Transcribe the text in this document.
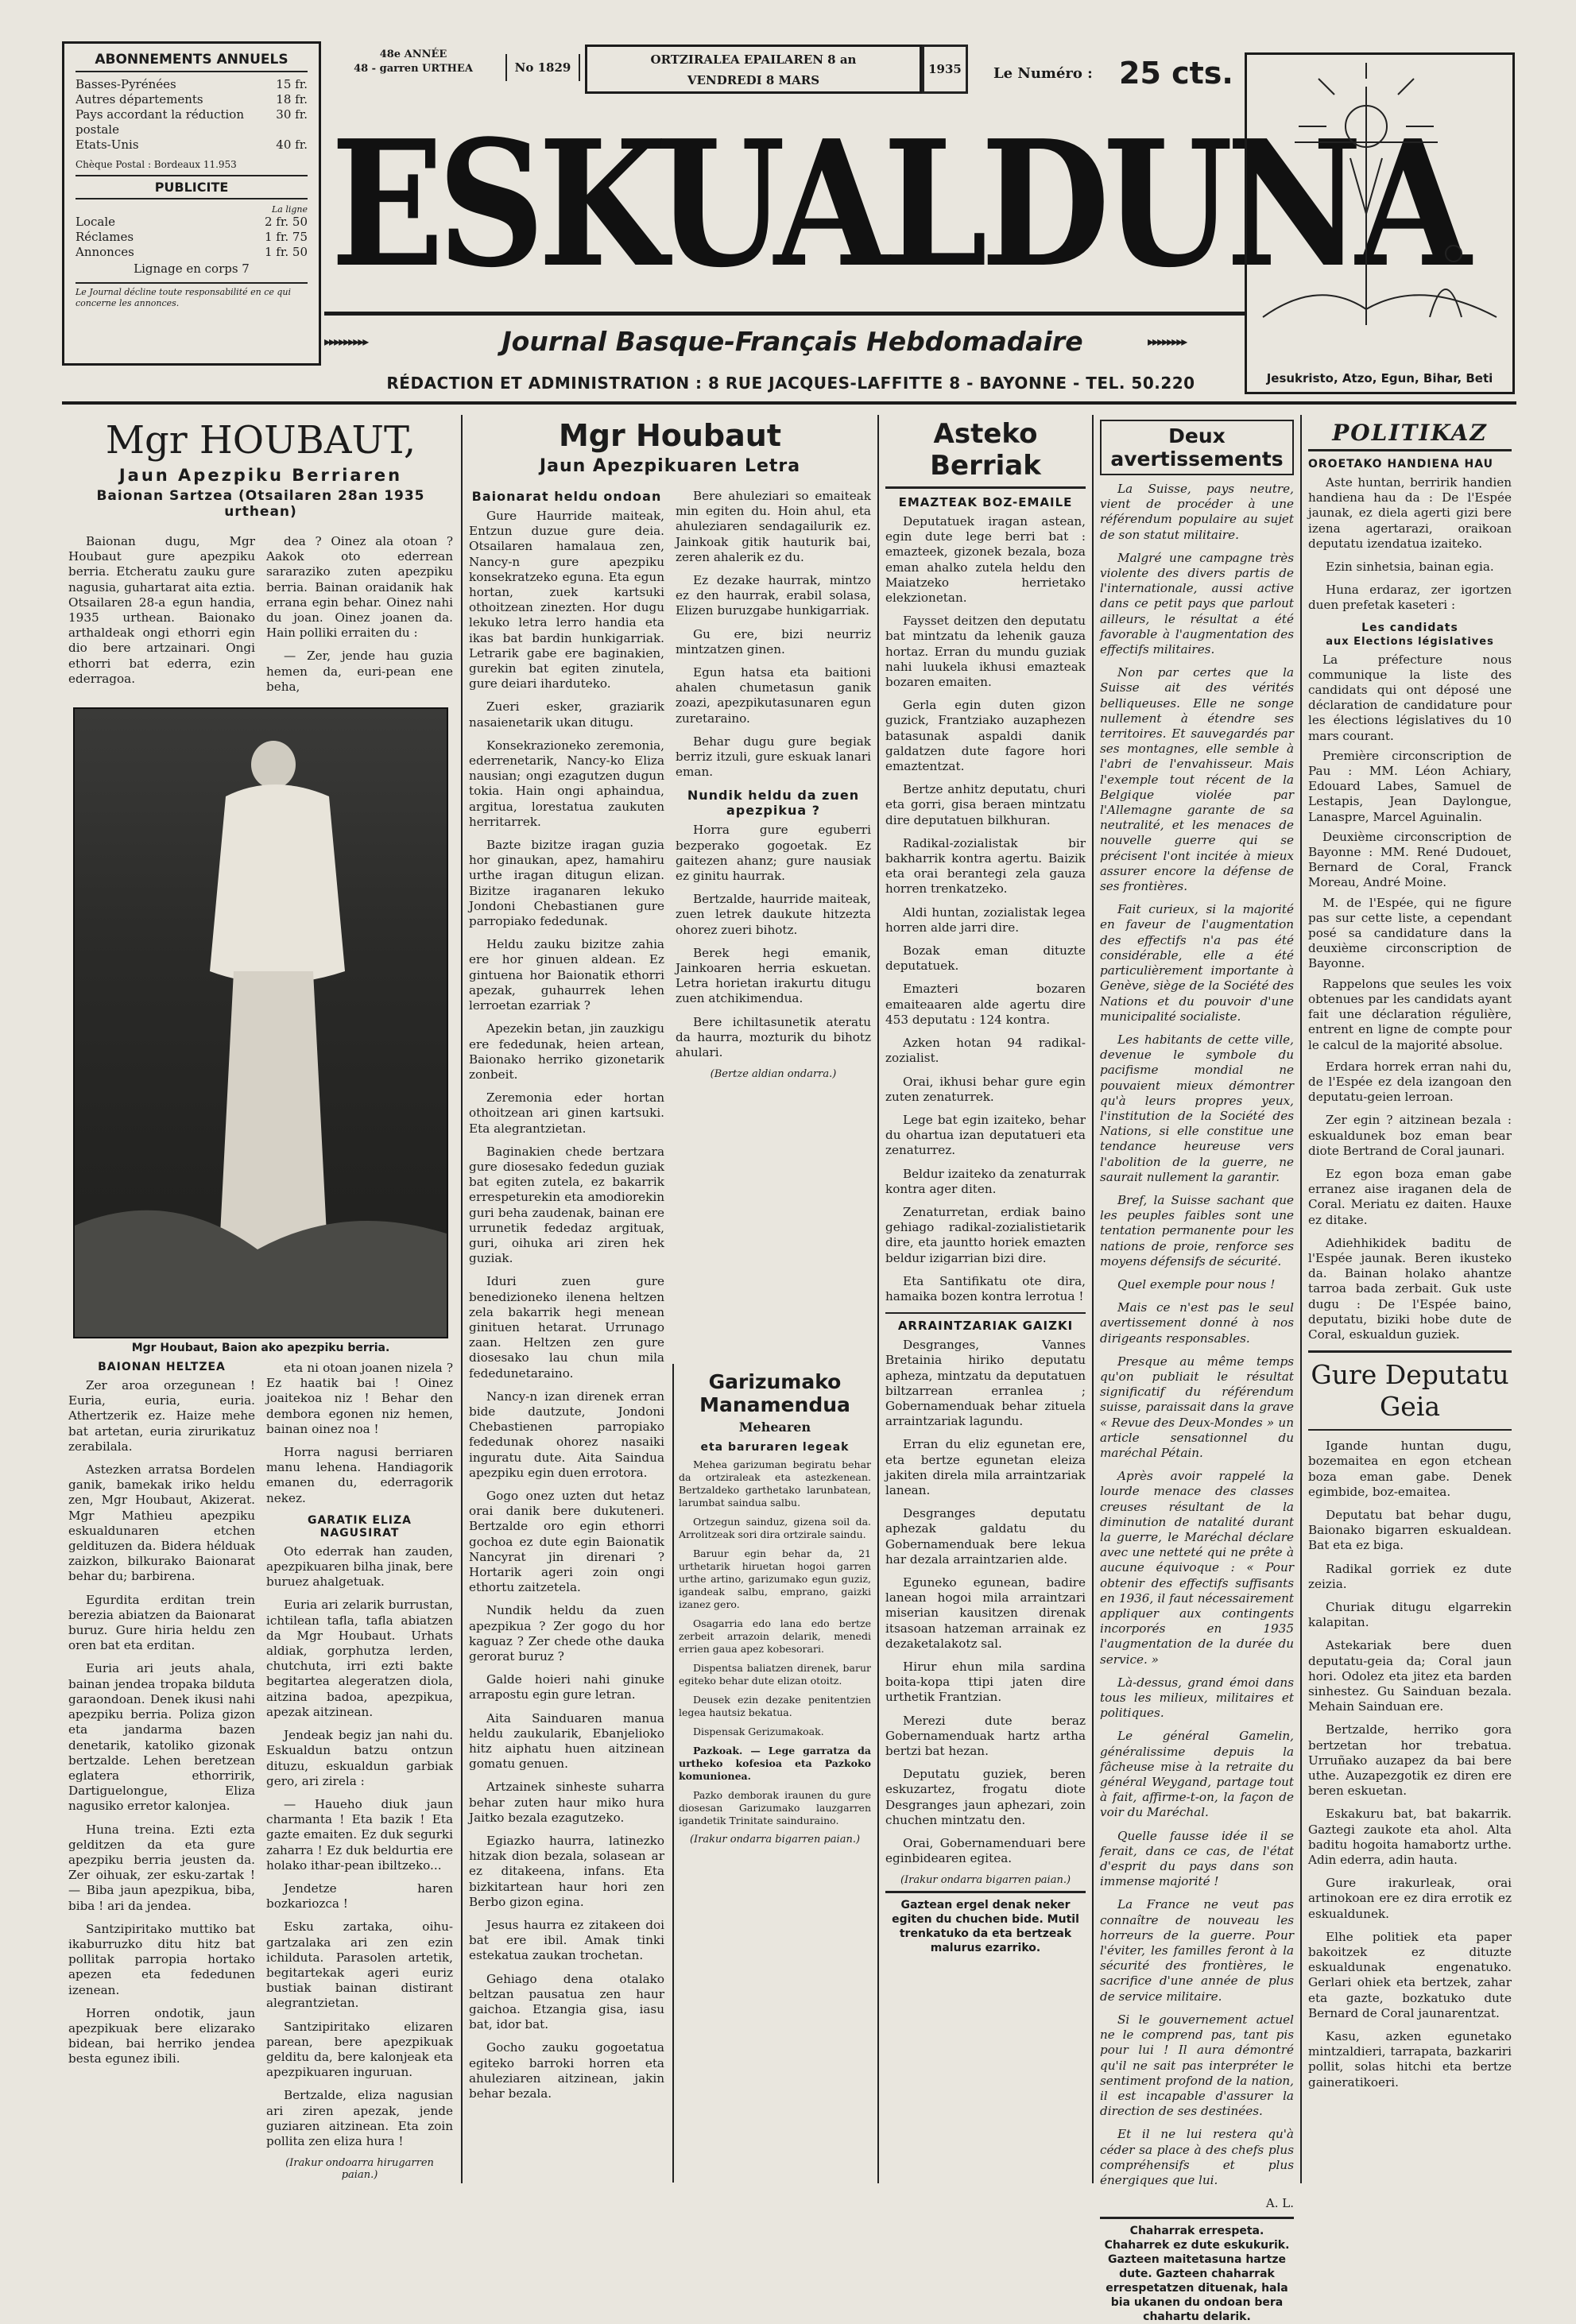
ABONNEMENTS ANNUELS
Basses-Pyrénées	15 fr.
Autres départements	18 fr.
Pays accordant la réduction postale
30 fr.
Etats-Unis	40 fr.
Chèque Postal : Bordeaux 11.953
PUBLICITE
La ligne
Locale	2 fr. 50
Réclames	1 fr. 75
Annonces	1 fr. 50
Lignage en corps 7
Le Journal décline toute responsabilité en ce qui concerne les annonces.
48e ANNÉE
48 - garren URTHEA	No 1829
ORTZIRALEA EPAILAREN 8 an
VENDREDI 8 MARS
1935	Le Numéro : 25 cts.
ESKUALDUNA
▸▸▸▸▸▸▸▸▸	Journal Basque-Français Hebdomadaire	▸▸▸▸▸▸▸▸
RÉDACTION ET ADMINISTRATION : 8 RUE JACQUES-LAFFITTE 8 - BAYONNE - TEL. 50.220	Jesukristo, Atzo, Egun, Bihar, Beti
Mgr HOUBAUT,
Jaun Apezpiku Berriaren
Baionan Sartzea (Otsailaren 28an 1935 urthean)

Baionan dugu, Mgr Houbaut gure apezpiku berria. Etcheratu zauku gure nagusia, guhartarat aita eztia. Otsailaren 28-a egun handia, 1935 urthean. Baionako arthaldeak ongi ethorri egin dio bere artzainari. Ongi ethorri bat ederra, ezin ederragoa.

dea ? Oinez ala otoan ? Aakok oto ederrean sararaziko zuten apezpiku berria. Bainan oraidanik hak errana egin behar. Oinez nahi du joan. Oinez joanen da. Hain polliki erraiten du :

— Zer, jende hau guzia hemen da, euri-pean ene beha,

Mgr Houbaut, Baion ako apezpiku berria.
BAIONAN HELTZEA

Zer aroa orzegunean ! Euria, euria, euria. Athertzerik ez. Haize mehe bat artetan, euria zirurikatuz zerabilala.

Astezken arratsa Bordelen ganik, bamekak iriko heldu zen, Mgr Houbaut, Akizerat. Mgr Mathieu apezpiku eskualdunaren etchen geldituzen da. Bidera hélduak zaizkon, bilkurako Baionarat behar du; barbirena.

Egurdita erditan trein berezia abiatzen da Baionarat buruz. Gure hiria heldu zen oren bat eta erditan.

Euria ari jeuts ahala, bainan jendea tropaka bilduta garaondoan. Denek ikusi nahi apezpiku berria. Poliza gizon eta jandarma bazen denetarik, katoliko gizonak bertzalde. Lehen beretzean eglatera ethorririk, Dartiguelongue, Eliza nagusiko erretor kalonjea.

Huna treina. Ezti ezta gelditzen da eta gure apezpiku berria jeusten da. Zer oihuak, zer esku-zartak ! — Biba jaun apezpikua, biba, biba ! ari da jendea.

Santzipiritako muttiko bat ikaburruzko ditu hitz bat pollitak parropia hortako apezen eta fededunen izenean.

Horren ondotik, jaun apezpikuak bere elizarako bidean, bai herriko jendea besta egunez ibili.

eta ni otoan joanen nizela ? Ez haatik bai ! Oinez joaitekoa niz ! Behar den dembora egonen niz hemen, bainan oinez noa !

Horra nagusi berriaren manu lehena. Handiagorik emanen du, ederragorik nekez.

GARATIK ELIZA NAGUSIRAT

Oto ederrak han zauden, apezpikuaren bilha jinak, bere buruez ahalgetuak.

Euria ari zelarik burrustan, ichtilean tafla, tafla abiatzen da Mgr Houbaut. Urhats aldiak, gorphutza lerden, chutchuta, irri ezti bakte begitartea alegeratzen diola, aitzina badoa, apezpikua, apezak aitzinean.

Jendeak begiz jan nahi du. Eskualdun batzu ontzun dituzu, eskualdun garbiak gero, ari zirela :

— Haueho diuk jaun charmanta ! Eta bazik ! Eta gazte emaiten. Ez duk segurki zaharra ! Ez duk beldurtia ere holako ithar-pean ibiltzeko...

Jendetze haren bozkariozca !

Esku zartaka, oihu-gartzalaka ari zen ezin ichilduta. Parasolen artetik, begitartekak ageri euriz bustiak bainan distirant alegrantzietan.

Santzipiritako elizaren parean, bere apezpikuak gelditu da, bere kalonjeak eta apezpikuaren inguruan.

Bertzalde, eliza nagusian ari ziren apezak, jende guziaren aitzinean. Eta zoin pollita zen eliza hura !

(Irakur ondoarra hirugarren paian.)
Mgr Houbaut
Jaun Apezpikuaren Letra
Baionarat heldu ondoan

Gure Haurride maiteak, Entzun duzue gure deia. Otsailaren hamalaua zen, Nancy-n gure apezpiku konsekratzeko eguna. Eta egun hortan, zuek kartsuki othoitzean zinezten. Hor dugu lekuko letra lerro handia eta ikas bat bardin hunkigarriak. Letrarik gabe ere baginakien, gurekin bat egiten zinutela, gure deiari iharduteko.

Zueri esker, graziarik nasaienetarik ukan ditugu.

Konsekrazioneko zeremonia, ederrenetarik, Nancy-ko Eliza nausian; ongi ezagutzen dugun tokia. Hain ongi aphaindua, argitua, lorestatua zaukuten herritarrek.

Bazte bizitze iragan guzia hor ginaukan, apez, hamahiru urthe iragan ditugun elizan. Bizitze iraganaren lekuko Jondoni Chebastianen gure parropiako fededunak.

Heldu zauku bizitze zahia ere hor ginuen aldean. Ez gintuena hor Baionatik ethorri apezak, guhaurrek lehen lerroetan ezarriak ?

Apezekin betan, jin zauzkigu ere fededunak, heien artean, Baionako herriko gizonetarik zonbeit.

Zeremonia eder hortan othoitzean ari ginen kartsuki. Eta alegrantzietan.

Baginakien chede bertzara gure diosesako fededun guziak bat egiten zutela, ez bakarrik errespeturekin eta amodiorekin guri beha zaudenak, bainan ere urrunetik fededaz argituak, guri, oihuka ari ziren hek guziak.

Iduri zuen gure benedizioneko ilenena heltzen zela bakarrik hegi menean ginituen hetarat. Urrunago zaan. Heltzen zen gure diosesako lau chun mila fededunetaraino.

Nancy-n izan direnek erran bide dautzute, Jondoni Chebastienen parropiako fededunak ohorez nasaiki inguratu dute. Aita Saindua apezpiku egin duen errotora.

Gogo onez uzten dut hetaz orai danik bere dukuteneri. Bertzalde oro egin ethorri gochoa ez dute egin Baionatik Nancyrat jin direnari ? Hortarik ageri zoin ongi ethortu zaitzetela.

Nundik heldu da zuen apezpikua ? Zer gogo du hor kaguaz ? Zer chede othe dauka gerorat buruz ?

Galde hoieri nahi ginuke arrapostu egin gure letran.

Aita Sainduaren manua heldu zaukularik, Ebanjelioko hitz aiphatu huen aitzinean gomatu genuen.

Artzainek sinheste suharra behar zuten haur miko hura Jaitko bezala ezagutzeko.

Egiazko haurra, latinezko hitzak dion bezala, solasean ar ez ditakeena, infans. Eta bizkitartean haur hori zen Berbo gizon egina.

Jesus haurra ez zitakeen doi bat ere ibil. Amak tinki estekatua zaukan trochetan.

Gehiago dena otalako beltzan pausatua zen haur gaichoa. Etzangia gisa, iasu bat, idor bat.

Gocho zauku gogoetatua egiteko barroki horren eta ahuleziaren aitzinean, jakin behar bezala.

Bere ahuleziari so emaiteak min egiten du. Hoin ahul, eta ahuleziaren sendagailurik ez. Jainkoak gitik hauturik bai, zeren ahalerik ez du.

Ez dezake haurrak, mintzo ez den haurrak, erabil solasa, Elizen buruzgabe hunkigarriak.

Gu ere, bizi neurriz mintzatzen ginen.

Egun hatsa eta baitioni ahalen chumetasun ganik zoazi, apezpikutasunaren egun zuretaraino.

Behar dugu gure begiak berriz itzuli, gure eskuak lanari eman.

Nundik heldu da zuen apezpikua ?

Horra gure eguberri bezperako gogoetak. Ez gaitezen ahanz; gure nausiak ez ginitu haurrak.

Bertzalde, haurride maiteak, zuen letrek daukute hitzezta ohorez zueri bihotz.

Berek hegi emanik, Jainkoaren herria eskuetan. Letra horietan irakurtu ditugu zuen atchikimendua.

Bere ichiltasunetik ateratu da haurra, mozturik du bihotz ahulari.

(Bertze aldian ondarra.)
Asteko Berriak
EMAZTEAK BOZ-EMAILE

Deputatuek iragan astean, egin dute lege berri bat : emazteek, gizonek bezala, boza eman ahalko zutela heldu den Maiatzeko herrietako elekzionetan.

Faysset deitzen den deputatu bat mintzatu da lehenik gauza hortaz. Erran du mundu guziak nahi luukela ikhusi emazteak bozaren emaiten.

Gerla egin duten gizon guzick, Frantziako auzaphezen batasunak aspaldi danik galdatzen dute fagore hori emaztentzat.

Bertze anhitz deputatu, churi eta gorri, gisa beraen mintzatu dire deputatuen bilkhuran.

Radikal-zozialistak bir bakharrik kontra agertu. Baizik eta orai berantegi zela gauza horren trenkatzeko.

Aldi huntan, zozialistak legea horren alde jarri dire.

Bozak eman dituzte deputatuek.

Emazteri bozaren emaiteaaren alde agertu dire 453 deputatu : 124 kontra.

Azken hotan 94 radikal-zozialist.

Orai, ikhusi behar gure egin zuten zenaturrek.

Lege bat egin izaiteko, behar du ohartua izan deputatueri eta zenaturrez.

Beldur izaiteko da zenaturrak kontra ager diten.

Zenaturretan, erdiak baino gehiago radikal-zozialistietarik dire, eta jauntto horiek emazten beldur izigarrian bizi dire.

Eta Santifikatu ote dira, hamaika bozen kontra lerrotua !

ARRAINTZARIAK GAIZKI

Desgranges, Vannes Bretainia hiriko deputatu apheza, mintzatu da deputatuen biltzarrean erranlea ; Gobernamenduak behar zituela arraintzariak lagundu.

Erran du eliz egunetan ere, eta bertze egunetan eleiza jakiten direla mila arraintzariak lanean.

Desgranges deputatu aphezak galdatu du Gobernamenduak bere lekua har dezala arraintzarien alde.

Eguneko egunean, badire lanean hogoi mila arraintzari miserian kausitzen direnak itsasoan hatzeman arrainak ez dezaketalakotz sal.

Hirur ehun mila sardina boita-kopa ttipi jaten dire urthetik Frantzian.

Merezi dute beraz Gobernamenduak hartz artha bertzi bat hezan.

Deputatu guziek, beren eskuzartez, frogatu diote Desgranges jaun aphezari, zoin chuchen mintzatu den.

Orai, Gobernamenduari bere eginbidearen egitea.

(Irakur ondarra bigarren paian.)
Gaztean ergel denak neker egiten du chuchen bide. Mutil trenkatuko da eta bertzeak malurus ezarriko.
Garizumako Manamendua
Mehearen
eta baruraren legeak

Mehea garizuman begiratu behar da ortziraleak eta astezkenean. Bertzaldeko garthetako larunbatean, larumbat saindua salbu.

Ortzegun sainduz, gizena soil da. Arrolitzeak sori dira ortzirale saindu.

Baruur egin behar da, 21 urthetarik hiruetan hogoi garren urthe artino, garizumako egun guziz, igandeak salbu, emprano, gaizki izanez gero.

Osagarria edo lana edo bertze zerbeit arrazoin delarik, menedi errien gaua apez kobesorari.

Dispentsa baliatzen direnek, barur egiteko behar dute elizan otoitz.

Deusek ezin dezake penitentzien legea hautsiz bekatua.

Dispensak Gerizumakoak.

Pazkoak. — Lege garratza da urtheko kofesioa eta Pazkoko komunionea.

Pazko demborak iraunen du gure diosesan Garizumako lauzgarren igandetik Trinitate sainduraino.

(Irakur ondarra bigarren paian.)
Deux avertissements

La Suisse, pays neutre, vient de procéder à une référendum populaire au sujet de son statut militaire.

Malgré une campagne très violente des divers partis de l'internationale, aussi active dans ce petit pays que parlout ailleurs, le résultat a été favorable à l'augmentation des effectifs militaires.

Non par certes que la Suisse ait des vérités belliqueuses. Elle ne songe nullement à étendre ses territoires. Et sauvegardés par ses montagnes, elle semble à l'abri de l'envahisseur. Mais l'exemple tout récent de la Belgique violée par l'Allemagne garante de sa neutralité, et les menaces de nouvelle guerre qui se précisent l'ont incitée à mieux assurer encore la défense de ses frontières.

Fait curieux, si la majorité en faveur de l'augmentation des effectifs n'a pas été considérable, elle a été particulièrement importante à Genève, siège de la Société des Nations et du pouvoir d'une municipalité socialiste.

Les habitants de cette ville, devenue le symbole du pacifisme mondial ne pouvaient mieux démontrer qu'à leurs propres yeux, l'institution de la Société des Nations, si elle constitue une tendance heureuse vers l'abolition de la guerre, ne saurait nullement la garantir.

Bref, la Suisse sachant que les peuples faibles sont une tentation permanente pour les nations de proie, renforce ses moyens défensifs de sécurité.

Quel exemple pour nous !

Mais ce n'est pas le seul avertissement donné à nos dirigeants responsables.

Presque au même temps qu'on publiait le résultat significatif du référendum suisse, paraissait dans la grave « Revue des Deux-Mondes » un article sensationnel du maréchal Pétain.

Après avoir rappelé la lourde menace des classes creuses résultant de la diminution de natalité durant la guerre, le Maréchal déclare avec une netteté qui ne prête à aucune équivoque : « Pour obtenir des effectifs suffisants en 1936, il faut nécessairement appliquer aux contingents incorporés en 1935 l'augmentation de la durée du service. »

Là-dessus, grand émoi dans tous les milieux, militaires et politiques.

Le général Gamelin, généralissime depuis la fâcheuse mise à la retraite du général Weygand, partage tout à fait, affirme-t-on, la façon de voir du Maréchal.

Quelle fausse idée il se ferait, dans ce cas, de l'état d'esprit du pays dans son immense majorité !

La France ne veut pas connaître de nouveau les horreurs de la guerre. Pour l'éviter, les familles feront à la sécurité des frontières, le sacrifice d'une année de plus de service militaire.

Si le gouvernement actuel ne le comprend pas, tant pis pour lui ! Il aura démontré qu'il ne sait pas interpréter le sentiment profond de la nation, il est incapable d'assurer la direction de ses destinées.

Et il ne lui restera qu'à céder sa place à des chefs plus compréhensifs et plus énergiques que lui.

A. L.
Chaharrak errespeta. Chaharrek ez dute eskukurik. Gazteen maitetasuna hartze dute. Gazteen chaharrak errespetatzen dituenak, hala bia ukanen du ondoan bera chahartu delarik.
POLITIKAZ
OROETAKO HANDIENA HAU

Aste huntan, berririk handien handiena hau da : De l'Espée jaunak, ez diela agerti gizi bere izena agertarazi, oraikoan deputatu izendatua izaiteko.

Ezin sinhetsia, bainan egia.

Huna erdaraz, zer igortzen duen prefetak kaseteri :

Les candidats
aux Elections législatives

La préfecture nous communique la liste des candidats qui ont déposé une déclaration de candidature pour les élections législatives du 10 mars courant.

Première circonscription de Pau : MM. Léon Achiary, Edouard Labes, Samuel de Lestapis, Jean Daylongue, Lanaspre, Marcel Aguinalin.

Deuxième circonscription de Bayonne : MM. René Dudouet, Bernard de Coral, Franck Moreau, André Moine.

M. de l'Espée, qui ne figure pas sur cette liste, a cependant posé sa candidature dans la deuxième circonscription de Bayonne.

Rappelons que seules les voix obtenues par les candidats ayant fait une déclaration régulière, entrent en ligne de compte pour le calcul de la majorité absolue.

Erdara horrek erran nahi du, de l'Espée ez dela izangoan den deputatu-geien lerroan.

Zer egin ? aitzinean bezala : eskualdunek boz eman bear diote Bertrand de Coral jaunari.

Ez egon boza eman gabe erranez aise iraganen dela de Coral. Meriatu ez daiten. Hauxe ez ditake.

Adiehhikidek baditu de l'Espée jaunak. Beren ikusteko da. Bainan holako ahantze tarroa bada zerbait. Guk uste dugu : De l'Espée baino, deputatu, biziki hobe dute de Coral, eskualdun guziek.

Gure Deputatu Geia

Igande huntan dugu, bozemaitea en egon etchean boza eman gabe. Denek egimbide, boz-emaitea.

Deputatu bat behar dugu, Baionako bigarren eskualdean. Bat eta ez biga.

Radikal gorriek ez dute zeizia.

Churiak ditugu elgarrekin kalapitan.

Astekariak bere duen deputatu-geia da; Coral jaun hori. Odolez eta jitez eta barden sinhestez. Gu Sainduan bezala. Mehain Sainduan ere.

Bertzalde, herriko gora bertzetan hor trebatua. Urruñako auzapez da bai bere uthe. Auzapezgotik ez diren ere beren eskuetan.

Eskakuru bat, bat bakarrik. Gaztegi zaukote eta ahol. Alta baditu hogoita hamabortz urthe. Adin ederra, adin hauta.

Gure irakurleak, orai artinokoan ere ez dira errotik ez eskualdunek.

Elhe politiek eta paper bakoitzek ez dituzte eskualdunak engenatuko. Gerlari ohiek eta bertzek, zahar eta gazte, bozkatuko dute Bernard de Coral jaunarentzat.

Kasu, azken egunetako mintzaldieri, tarrapata, bazkariri pollit, solas hitchi eta bertze gaineratikoeri.
